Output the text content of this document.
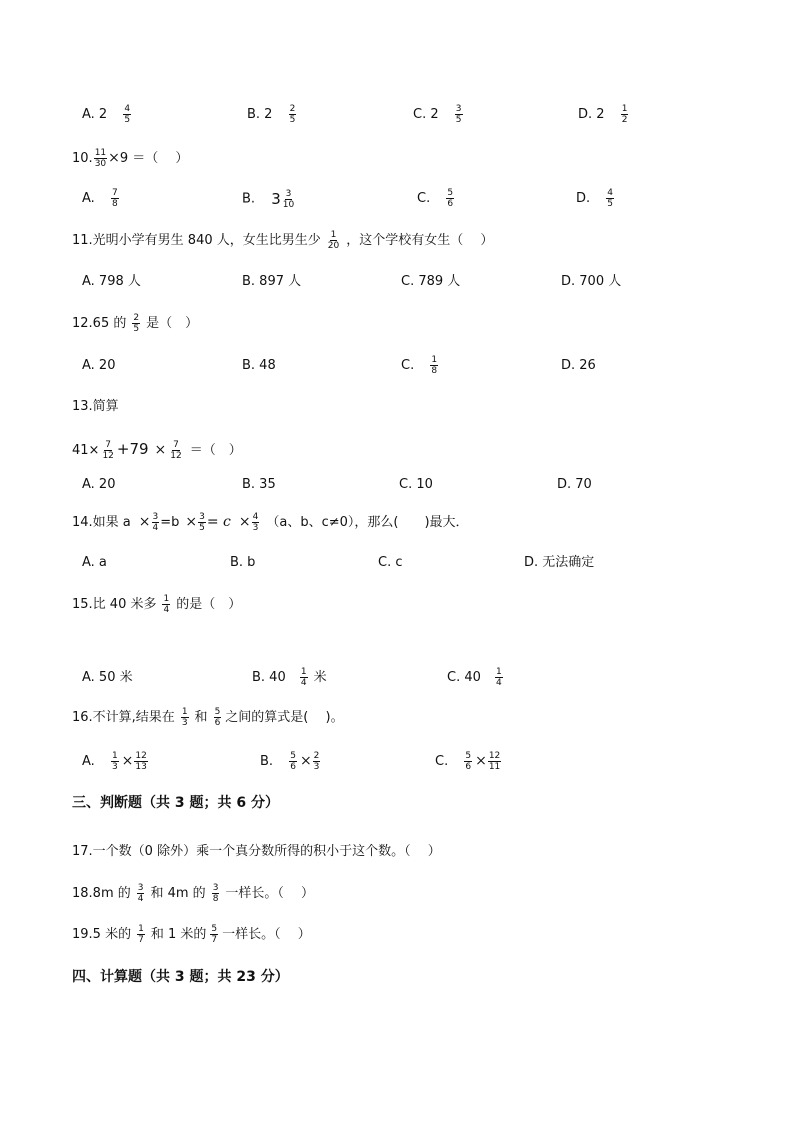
A. $2 \frac{4}{5}$	B. $2 \frac{2}{5}$	C. $2 \frac{3}{5}$	D. $2 \frac{1}{2}$
10. $\frac{11}{30} \times 9$ ＝（　 ）
A. $\frac{7}{8}$	B. $3 \frac{3}{10}$	C. $\frac{5}{6}$	D. $\frac{4}{5}$
11.光明小学有男生 840 人，女生比男生少 $\frac{1}{20}$ ，这个学校有女生（　 ）
A. 798 人	B. 897 人	C. 789 人	D. 700 人
12.65 的 $\frac{2}{5}$ 是（　）
A. 20	B. 48	C. $\frac{1}{8}$	D. 26
13.简算
$41\times \frac{7}{12} +79 \times \frac{7}{12}$ ＝（　）
A. 20	B. 35	C. 10	D. 70
14.如果 $a \times \frac{3}{4} =b \times \frac{3}{5} = c \times \frac{4}{3} (a$、b、c≠0），那么(　　)最大．
A. a	B. b	C. c	D. 无法确定
15.比 40 米多 $\frac{1}{4}$ 的是（　）
A. 50 米	B. $40 \frac{1}{4}$ 米	C. $40 \frac{1}{4}$
16.不计算,结果在 $\frac{1}{3}$ 和 $\frac{5}{6}$ 之间的算式是(　 )。
A. $\frac{1}{3} \times \frac{12}{13}$	B. $\frac{5}{6} \times \frac{2}{3}$	C. $\frac{5}{6} \times \frac{12}{11}$
三、判断题（共 3 题；共 6 分）
17.一个数（0 除外）乘一个真分数所得的积小于这个数。（　 ）
18.8m 的 $\frac{3}{4}$ 和 4m 的 $\frac{3}{8}$ 一样长。（　 ）
19.5 米的 $\frac{1}{7}$ 和 1 米的 $\frac{5}{7}$ 一样长。（　 ）
四、计算题（共 3 题；共 23 分）
